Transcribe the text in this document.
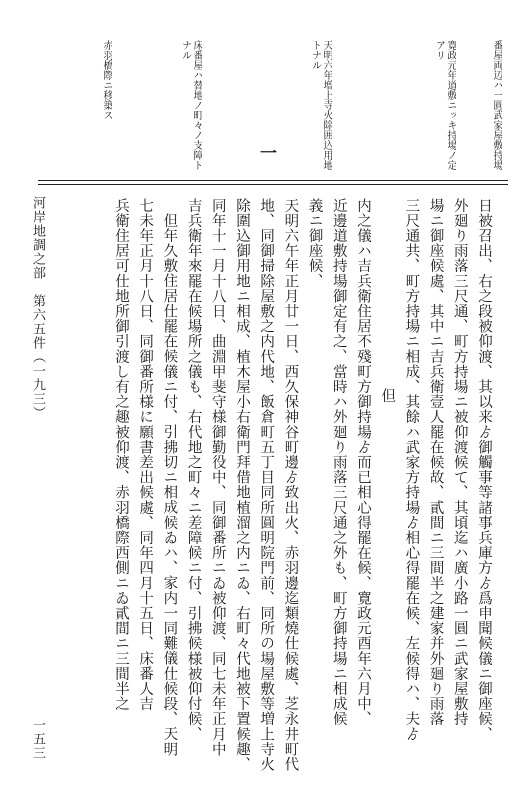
番屋両辺ハ一圓武家屋敷持場
寛政元年道敷ニッキ持場ノ定アリ
天明六年増上寺火除囲込用地トナル
床番屋ハ替地ノ町々ノ支障トナル
赤羽橋際ニ移築ス
一

日被召出、右之段被仰渡、其以来ゟ御觸事等諸事兵庫方ゟ爲申聞候儀ニ御座候、

外廻り雨落三尺通、町方持場ニ被仰渡候て、其頃迄ハ廣小路一圓ニ武家屋敷持

場ニ御座候處、其中ニ吉兵衛壹人罷在候故、貳間ニ三間半之建家并外廻り雨落

三尺通共、町方持場ニ相成、其餘ハ武家方持場ゟ相心得罷在候、左候得ハ、夫ゟ

但

内之儀ハ吉兵衛住居不殘町方御持場ゟ而已相心得罷在候、寛政元酉年六月中、

近邊道敷持場御定有之、當時ハ外廻り雨落三尺通之外も、町方御持場ニ相成候

義ニ御座候、

天明六午年正月廿一日、西久保神谷町邊ゟ致出火、赤羽邊迄類燒仕候處、芝永井町代

地、同御掃除屋敷之内代地、飯倉町五丁目同所圓明院門前、同所の場屋敷等増上寺火

除圍込御用地ニ相成、植木屋小右衛門拜借地植溜之内ニゐ、右町々代地被下置候趣、

同年十一月十八日、曲淵甲斐守様御勤役中、同御番所ニゐ被仰渡、同七未年正月中

吉兵衛年來罷在候場所之儀も、右代地之町々ニ差障候ニ付、引拂候様被仰付候、

但年久敷住居仕罷在候儀ニ付、引拂切ニ相成候ゐハ、家内一同難儀仕候段、天明

七未年正月十八日、同御番所様に願書差出候處、同年四月十五日、床番人吉

兵衛住居可仕地所御引渡し有之趣被仰渡、赤羽橋際西側ニゐ貳間ニ三間半之

河岸地調之部　第六五件（一九三）
一五三
